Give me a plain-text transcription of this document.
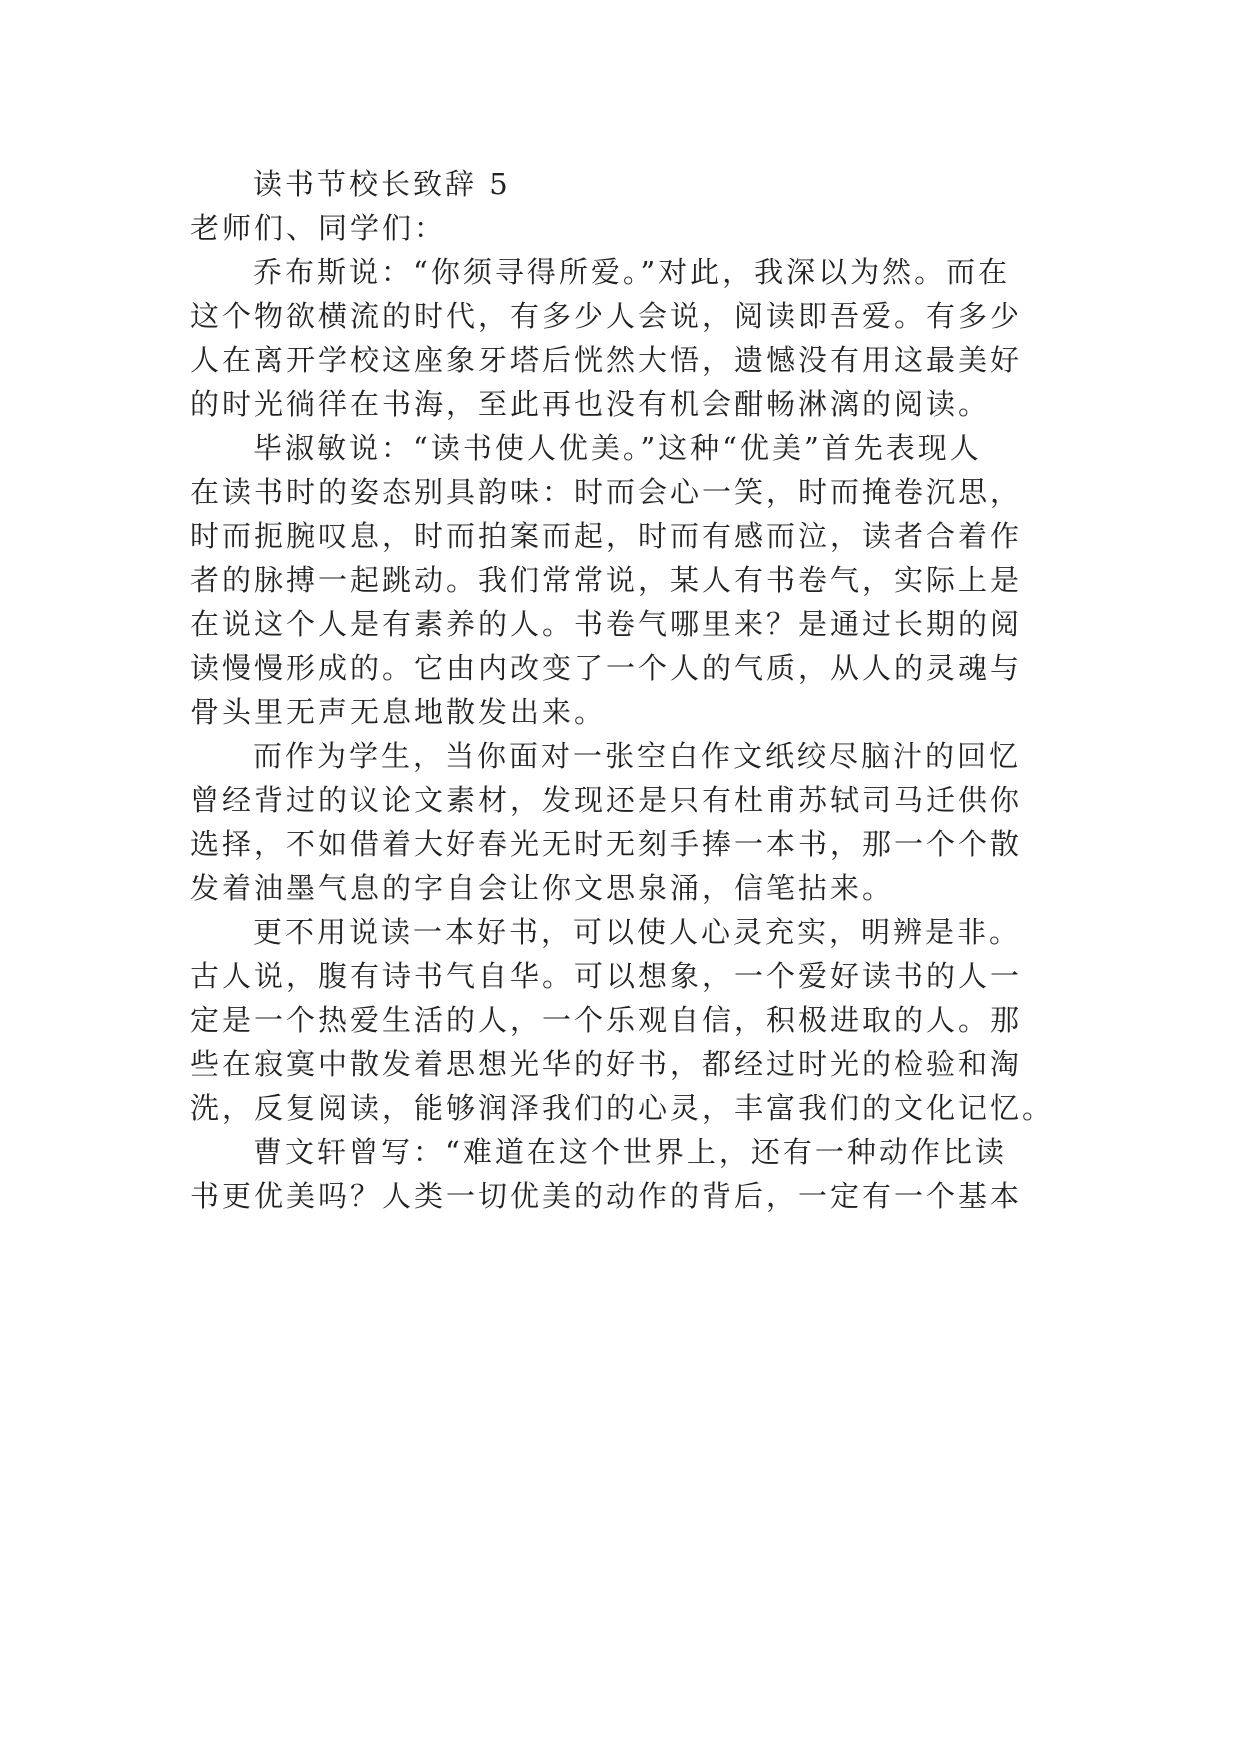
读书节校长致辞 5
老师们、同学们：
乔布斯说：“你须寻得所爱。”对此，我深以为然。而在
这个物欲横流的时代，有多少人会说，阅读即吾爱。有多少
人在离开学校这座象牙塔后恍然大悟，遗憾没有用这最美好
的时光徜徉在书海，至此再也没有机会酣畅淋漓的阅读。
毕淑敏说：“读书使人优美。”这种“优美”首先表现人
在读书时的姿态别具韵味：时而会心一笑，时而掩卷沉思，
时而扼腕叹息，时而拍案而起，时而有感而泣，读者合着作
者的脉搏一起跳动。我们常常说，某人有书卷气，实际上是
在说这个人是有素养的人。书卷气哪里来？是通过长期的阅
读慢慢形成的。它由内改变了一个人的气质，从人的灵魂与
骨头里无声无息地散发出来。
而作为学生，当你面对一张空白作文纸绞尽脑汁的回忆
曾经背过的议论文素材，发现还是只有杜甫苏轼司马迁供你
选择，不如借着大好春光无时无刻手捧一本书，那一个个散
发着油墨气息的字自会让你文思泉涌，信笔拈来。
更不用说读一本好书，可以使人心灵充实，明辨是非。
古人说，腹有诗书气自华。可以想象，一个爱好读书的人一
定是一个热爱生活的人，一个乐观自信，积极进取的人。那
些在寂寞中散发着思想光华的好书，都经过时光的检验和淘
洗，反复阅读，能够润泽我们的心灵，丰富我们的文化记忆。
曹文轩曾写：“难道在这个世界上，还有一种动作比读
书更优美吗？人类一切优美的动作的背后，一定有一个基本
